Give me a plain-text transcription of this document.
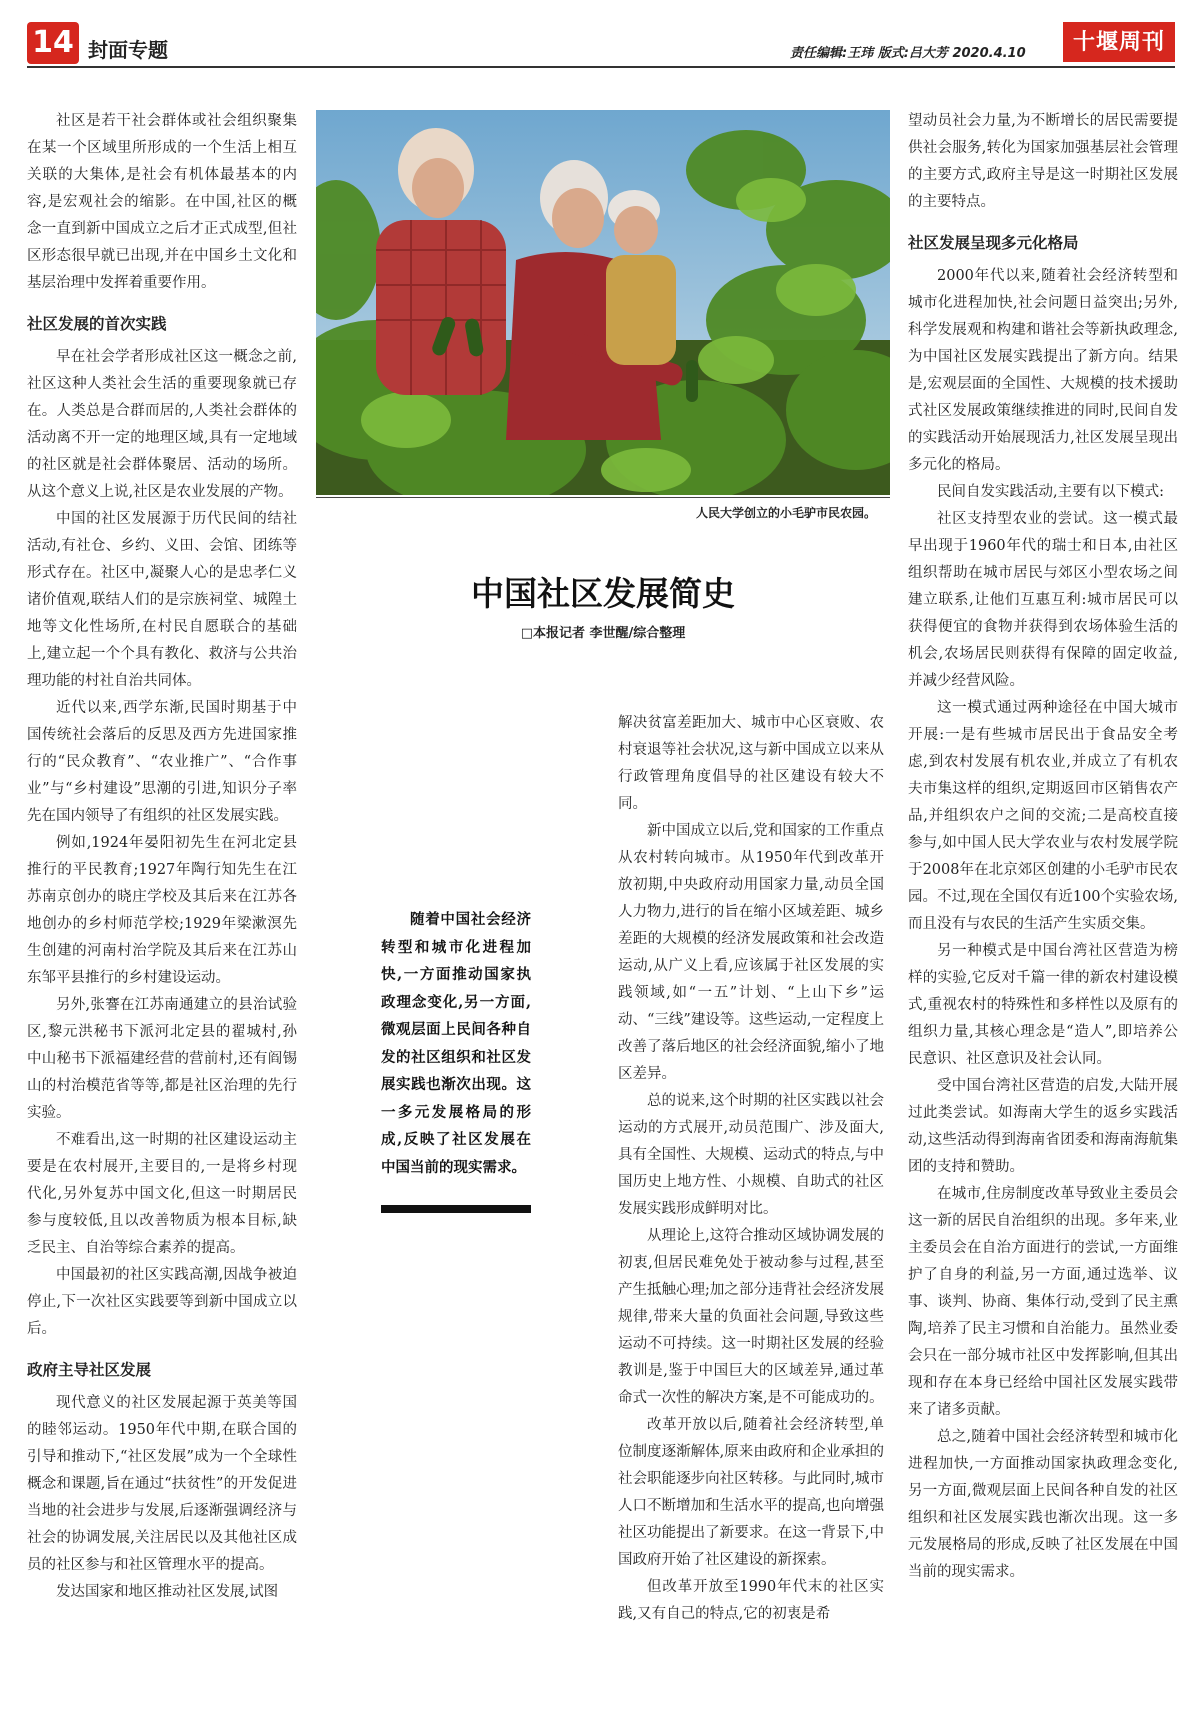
14 封面专题	责任编辑:王玮 版式:吕大芳 2020.4.10	十堰周刊

社区是若干社会群体或社会组织聚集在某一个区域里所形成的一个生活上相互关联的大集体,是社会有机体最基本的内容,是宏观社会的缩影。在中国,社区的概念一直到新中国成立之后才正式成型,但社区形态很早就已出现,并在中国乡土文化和基层治理中发挥着重要作用。

社区发展的首次实践

早在社会学者形成社区这一概念之前,社区这种人类社会生活的重要现象就已存在。人类总是合群而居的,人类社会群体的活动离不开一定的地理区域,具有一定地域的社区就是社会群体聚居、活动的场所。从这个意义上说,社区是农业发展的产物。

中国的社区发展源于历代民间的结社活动,有社仓、乡约、义田、会馆、团练等形式存在。社区中,凝聚人心的是忠孝仁义诸价值观,联结人们的是宗族祠堂、城隍土地等文化性场所,在村民自愿联合的基础上,建立起一个个具有教化、救济与公共治理功能的村社自治共同体。

近代以来,西学东渐,民国时期基于中国传统社会落后的反思及西方先进国家推行的“民众教育”、“农业推广”、“合作事业”与“乡村建设”思潮的引进,知识分子率先在国内领导了有组织的社区发展实践。

例如,1924年晏阳初先生在河北定县推行的平民教育;1927年陶行知先生在江苏南京创办的晓庄学校及其后来在江苏各地创办的乡村师范学校;1929年梁漱溟先生创建的河南村治学院及其后来在江苏山东邹平县推行的乡村建设运动。

另外,张謇在江苏南通建立的县治试验区,黎元洪秘书下派河北定县的翟城村,孙中山秘书下派福建经营的营前村,还有阎锡山的村治模范省等等,都是社区治理的先行实验。

不难看出,这一时期的社区建设运动主要是在农村展开,主要目的,一是将乡村现代化,另外复苏中国文化,但这一时期居民参与度较低,且以改善物质为根本目标,缺乏民主、自治等综合素养的提高。

中国最初的社区实践高潮,因战争被迫停止,下一次社区实践要等到新中国成立以后。

政府主导社区发展

现代意义的社区发展起源于英美等国的睦邻运动。1950年代中期,在联合国的引导和推动下,“社区发展”成为一个全球性概念和课题,旨在通过“扶贫性”的开发促进当地的社会进步与发展,后逐渐强调经济与社会的协调发展,关注居民以及其他社区成员的社区参与和社区管理水平的提高。

发达国家和地区推动社区发展,试图

人民大学创立的小毛驴市民农园。
中国社区发展简史
□本报记者 李世醒/综合整理

随着中国社会经济转型和城市化进程加快,一方面推动国家执政理念变化,另一方面,微观层面上民间各种自发的社区组织和社区发展实践也渐次出现。这一多元发展格局的形成,反映了社区发展在中国当前的现实需求。

解决贫富差距加大、城市中心区衰败、农村衰退等社会状况,这与新中国成立以来从行政管理角度倡导的社区建设有较大不同。

新中国成立以后,党和国家的工作重点从农村转向城市。从1950年代到改革开放初期,中央政府动用国家力量,动员全国人力物力,进行的旨在缩小区域差距、城乡差距的大规模的经济发展政策和社会改造运动,从广义上看,应该属于社区发展的实践领域,如“一五”计划、“上山下乡”运动、“三线”建设等。这些运动,一定程度上改善了落后地区的社会经济面貌,缩小了地区差异。

总的说来,这个时期的社区实践以社会运动的方式展开,动员范围广、涉及面大,具有全国性、大规模、运动式的特点,与中国历史上地方性、小规模、自助式的社区发展实践形成鲜明对比。

从理论上,这符合推动区域协调发展的初衷,但居民难免处于被动参与过程,甚至产生抵触心理;加之部分违背社会经济发展规律,带来大量的负面社会问题,导致这些运动不可持续。这一时期社区发展的经验教训是,鉴于中国巨大的区域差异,通过革命式一次性的解决方案,是不可能成功的。

改革开放以后,随着社会经济转型,单位制度逐渐解体,原来由政府和企业承担的社会职能逐步向社区转移。与此同时,城市人口不断增加和生活水平的提高,也向增强社区功能提出了新要求。在这一背景下,中国政府开始了社区建设的新探索。

但改革开放至1990年代末的社区实践,又有自己的特点,它的初衷是希

望动员社会力量,为不断增长的居民需要提供社会服务,转化为国家加强基层社会管理的主要方式,政府主导是这一时期社区发展的主要特点。

社区发展呈现多元化格局

2000年代以来,随着社会经济转型和城市化进程加快,社会问题日益突出;另外,科学发展观和构建和谐社会等新执政理念,为中国社区发展实践提出了新方向。结果是,宏观层面的全国性、大规模的技术援助式社区发展政策继续推进的同时,民间自发的实践活动开始展现活力,社区发展呈现出多元化的格局。

民间自发实践活动,主要有以下模式:

社区支持型农业的尝试。这一模式最早出现于1960年代的瑞士和日本,由社区组织帮助在城市居民与郊区小型农场之间建立联系,让他们互惠互利:城市居民可以获得便宜的食物并获得到农场体验生活的机会,农场居民则获得有保障的固定收益,并减少经营风险。

这一模式通过两种途径在中国大城市开展:一是有些城市居民出于食品安全考虑,到农村发展有机农业,并成立了有机农夫市集这样的组织,定期返回市区销售农产品,并组织农户之间的交流;二是高校直接参与,如中国人民大学农业与农村发展学院于2008年在北京郊区创建的小毛驴市民农园。不过,现在全国仅有近100个实验农场,而且没有与农民的生活产生实质交集。

另一种模式是中国台湾社区营造为榜样的实验,它反对千篇一律的新农村建设模式,重视农村的特殊性和多样性以及原有的组织力量,其核心理念是“造人”,即培养公民意识、社区意识及社会认同。

受中国台湾社区营造的启发,大陆开展过此类尝试。如海南大学生的返乡实践活动,这些活动得到海南省团委和海南海航集团的支持和赞助。

在城市,住房制度改革导致业主委员会这一新的居民自治组织的出现。多年来,业主委员会在自治方面进行的尝试,一方面维护了自身的利益,另一方面,通过选举、议事、谈判、协商、集体行动,受到了民主熏陶,培养了民主习惯和自治能力。虽然业委会只在一部分城市社区中发挥影响,但其出现和存在本身已经给中国社区发展实践带来了诸多贡献。

总之,随着中国社会经济转型和城市化进程加快,一方面推动国家执政理念变化,另一方面,微观层面上民间各种自发的社区组织和社区发展实践也渐次出现。这一多元发展格局的形成,反映了社区发展在中国当前的现实需求。
